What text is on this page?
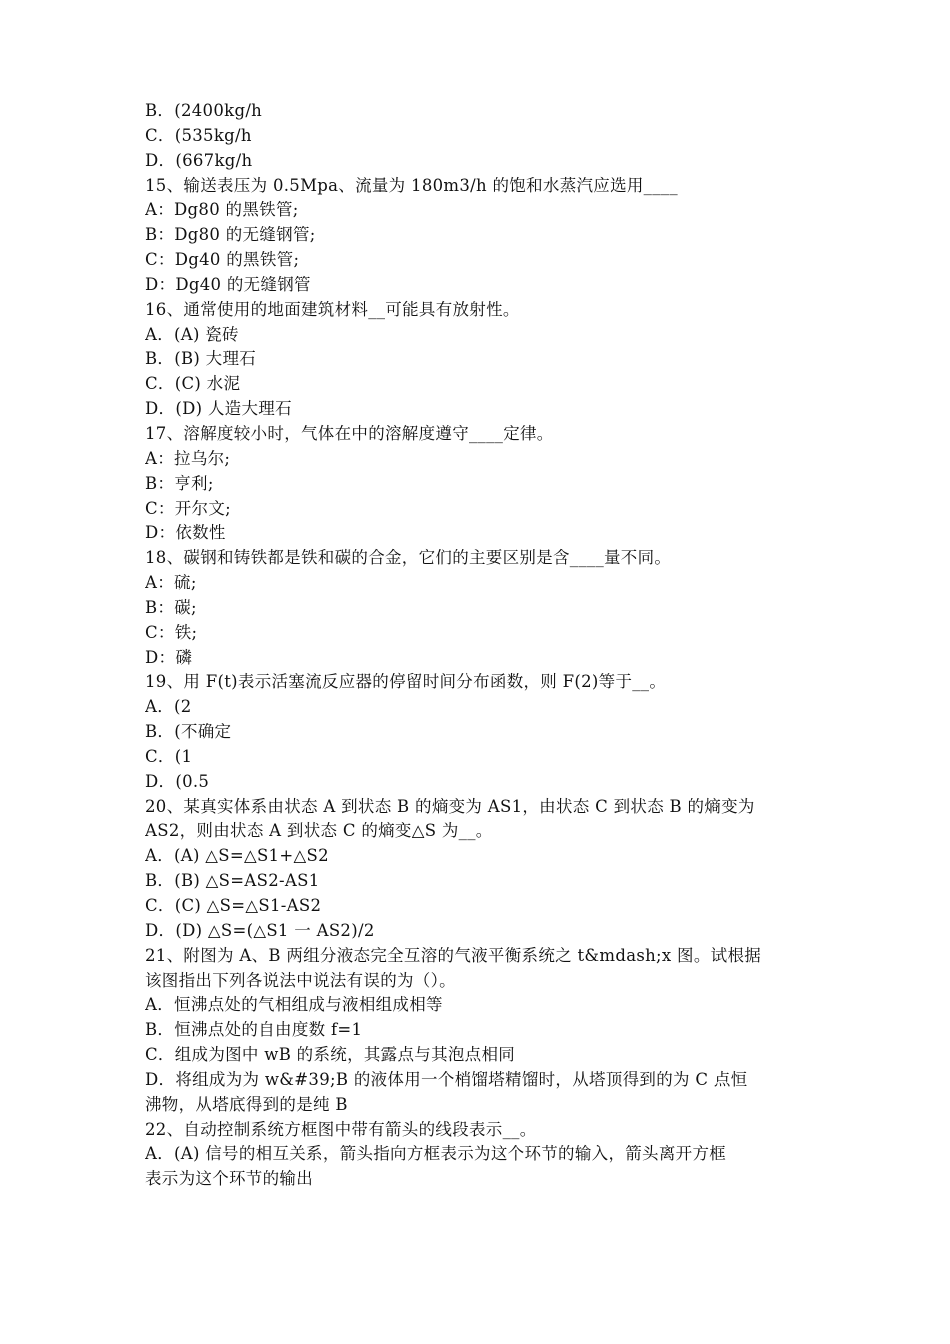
B．(2400kg/h
C．(535kg/h
D．(667kg/h
15、输送表压为 0.5Mpa、流量为 180m3/h 的饱和水蒸汽应选用____
A：Dg80 的黑铁管;
B：Dg80 的无缝钢管;
C：Dg40 的黑铁管;
D：Dg40 的无缝钢管
16、通常使用的地面建筑材料__可能具有放射性。
A．(A) 瓷砖
B．(B) 大理石
C．(C) 水泥
D．(D) 人造大理石
17、溶解度较小时，气体在中的溶解度遵守____定律。
A：拉乌尔;
B：亨利;
C：开尔文;
D：依数性
18、碳钢和铸铁都是铁和碳的合金，它们的主要区别是含____量不同。
A：硫;
B：碳;
C：铁;
D：磷
19、用 F(t)表示活塞流反应器的停留时间分布函数，则 F(2)等于__。
A．(2
B．(不确定
C．(1
D．(0.5
20、某真实体系由状态 A 到状态 B 的熵变为 AS1，由状态 C 到状态 B 的熵变为
AS2，则由状态 A 到状态 C 的熵变△S 为__。
A．(A) △S=△S1+△S2
B．(B) △S=AS2-AS1
C．(C) △S=△S1-AS2
D．(D) △S=(△S1 一 AS2)/2
21、附图为 A、B 两组分液态完全互溶的气液平衡系统之 t&mdash;x 图。试根据
该图指出下列各说法中说法有误的为（）。
A．恒沸点处的气相组成与液相组成相等
B．恒沸点处的自由度数 f=1
C．组成为图中 wB 的系统，其露点与其泡点相同
D．将组成为为 w&#39;B 的液体用一个梢馏塔精馏时，从塔顶得到的为 C 点恒
沸物，从塔底得到的是纯 B
22、自动控制系统方框图中带有箭头的线段表示__。
A．(A) 信号的相互关系，箭头指向方框表示为这个环节的输入，箭头离开方框
表示为这个环节的输出
